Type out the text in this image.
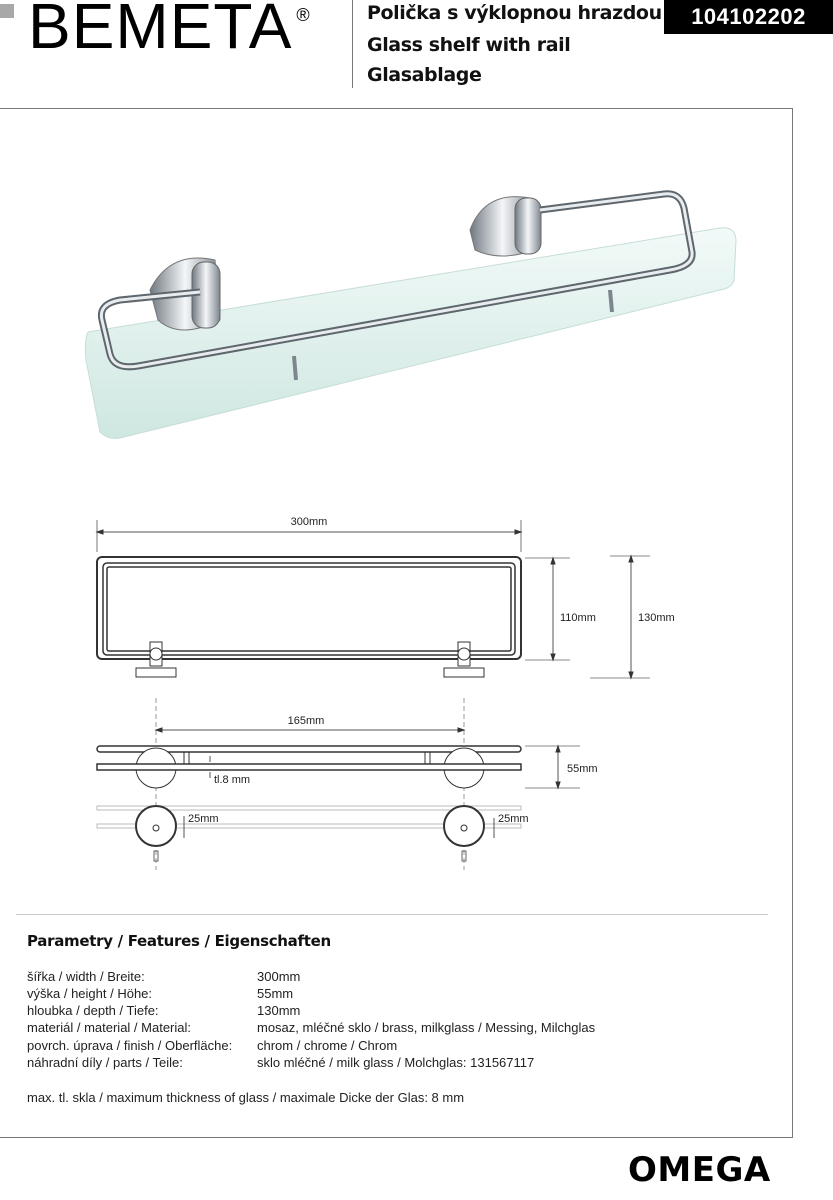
BEMETA ®	Polička s výklopnou hrazdou
Glass shelf with rail
Glasablage
104102202
300mm
110mm	130mm
165mm
55mm
tl.8 mm
25mm	25mm
Parametry / Features / Eigenschaften
šířka / width / Breite:	300mm
výška / height / Höhe:	55mm
hloubka / depth / Tiefe:	130mm
materiál / material / Material:	mosaz, mléčné sklo / brass, milkglass / Messing, Milchglas
povrch. úprava / finish / Oberfläche: chrom / chrome / Chrom
náhradní díly / parts / Teile:	sklo mléčné / milk glass / Molchglas: 131567117
max. tl. skla / maximum thickness of glass / maximale Dicke der Glas: 8 mm
OMEGA
